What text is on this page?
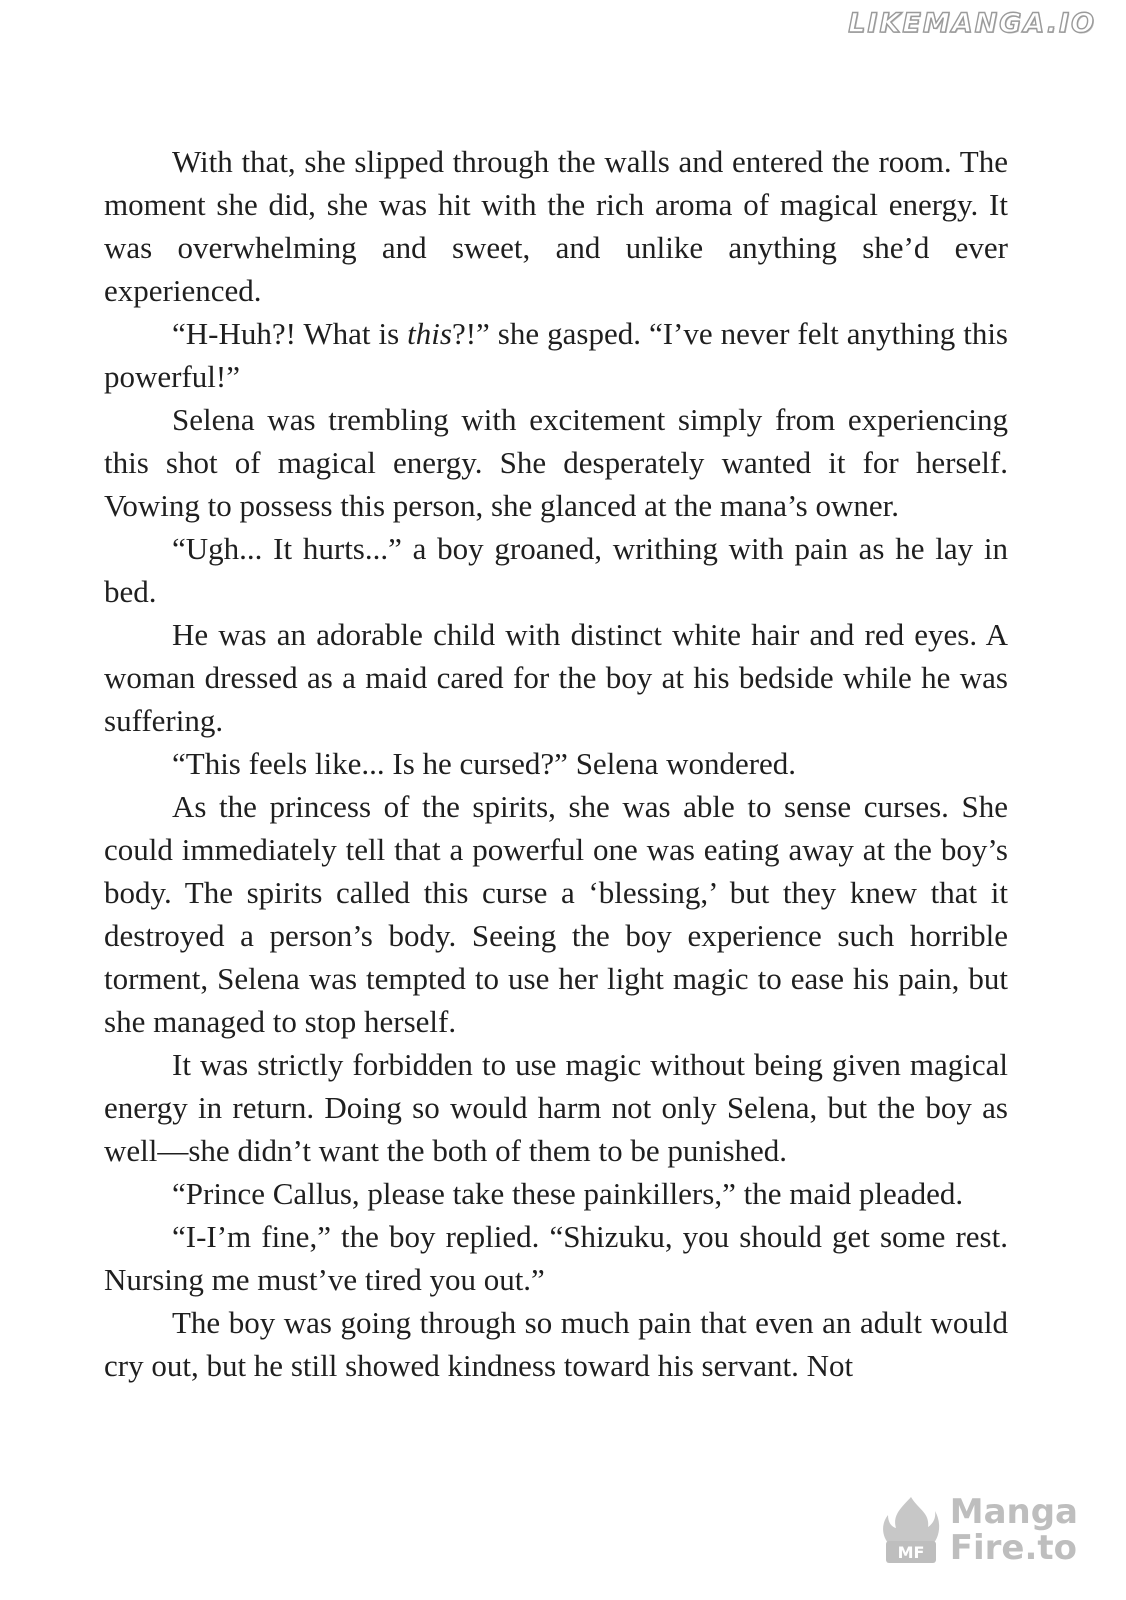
LIKEMANGA.IO

With that, she slipped through the walls and entered the room. The moment she did, she was hit with the rich aroma of magical energy. It was overwhelming and sweet, and unlike anything she’d ever experienced.

“H-Huh?! What is this?!” she gasped. “I’ve never felt anything this powerful!”

Selena was trembling with excitement simply from experiencing this shot of magical energy. She desperately wanted it for herself. Vowing to possess this person, she glanced at the mana’s owner.

“Ugh... It hurts...” a boy groaned, writhing with pain as he lay in bed.

He was an adorable child with distinct white hair and red eyes. A woman dressed as a maid cared for the boy at his bedside while he was suffering.

“This feels like... Is he cursed?” Selena wondered.

As the princess of the spirits, she was able to sense curses. She could immediately tell that a powerful one was eating away at the boy’s body. The spirits called this curse a ‘blessing,’ but they knew that it destroyed a person’s body. Seeing the boy experience such horrible torment, Selena was tempted to use her light magic to ease his pain, but she managed to stop herself.

It was strictly forbidden to use magic without being given magical energy in return. Doing so would harm not only Selena, but the boy as well—she didn’t want the both of them to be punished.

“Prince Callus, please take these painkillers,” the maid pleaded.

“I-I’m fine,” the boy replied. “Shizuku, you should get some rest. Nursing me must’ve tired you out.”

The boy was going through so much pain that even an adult would cry out, but he still showed kindness toward his servant. Not

MF
Manga
Fire.to
